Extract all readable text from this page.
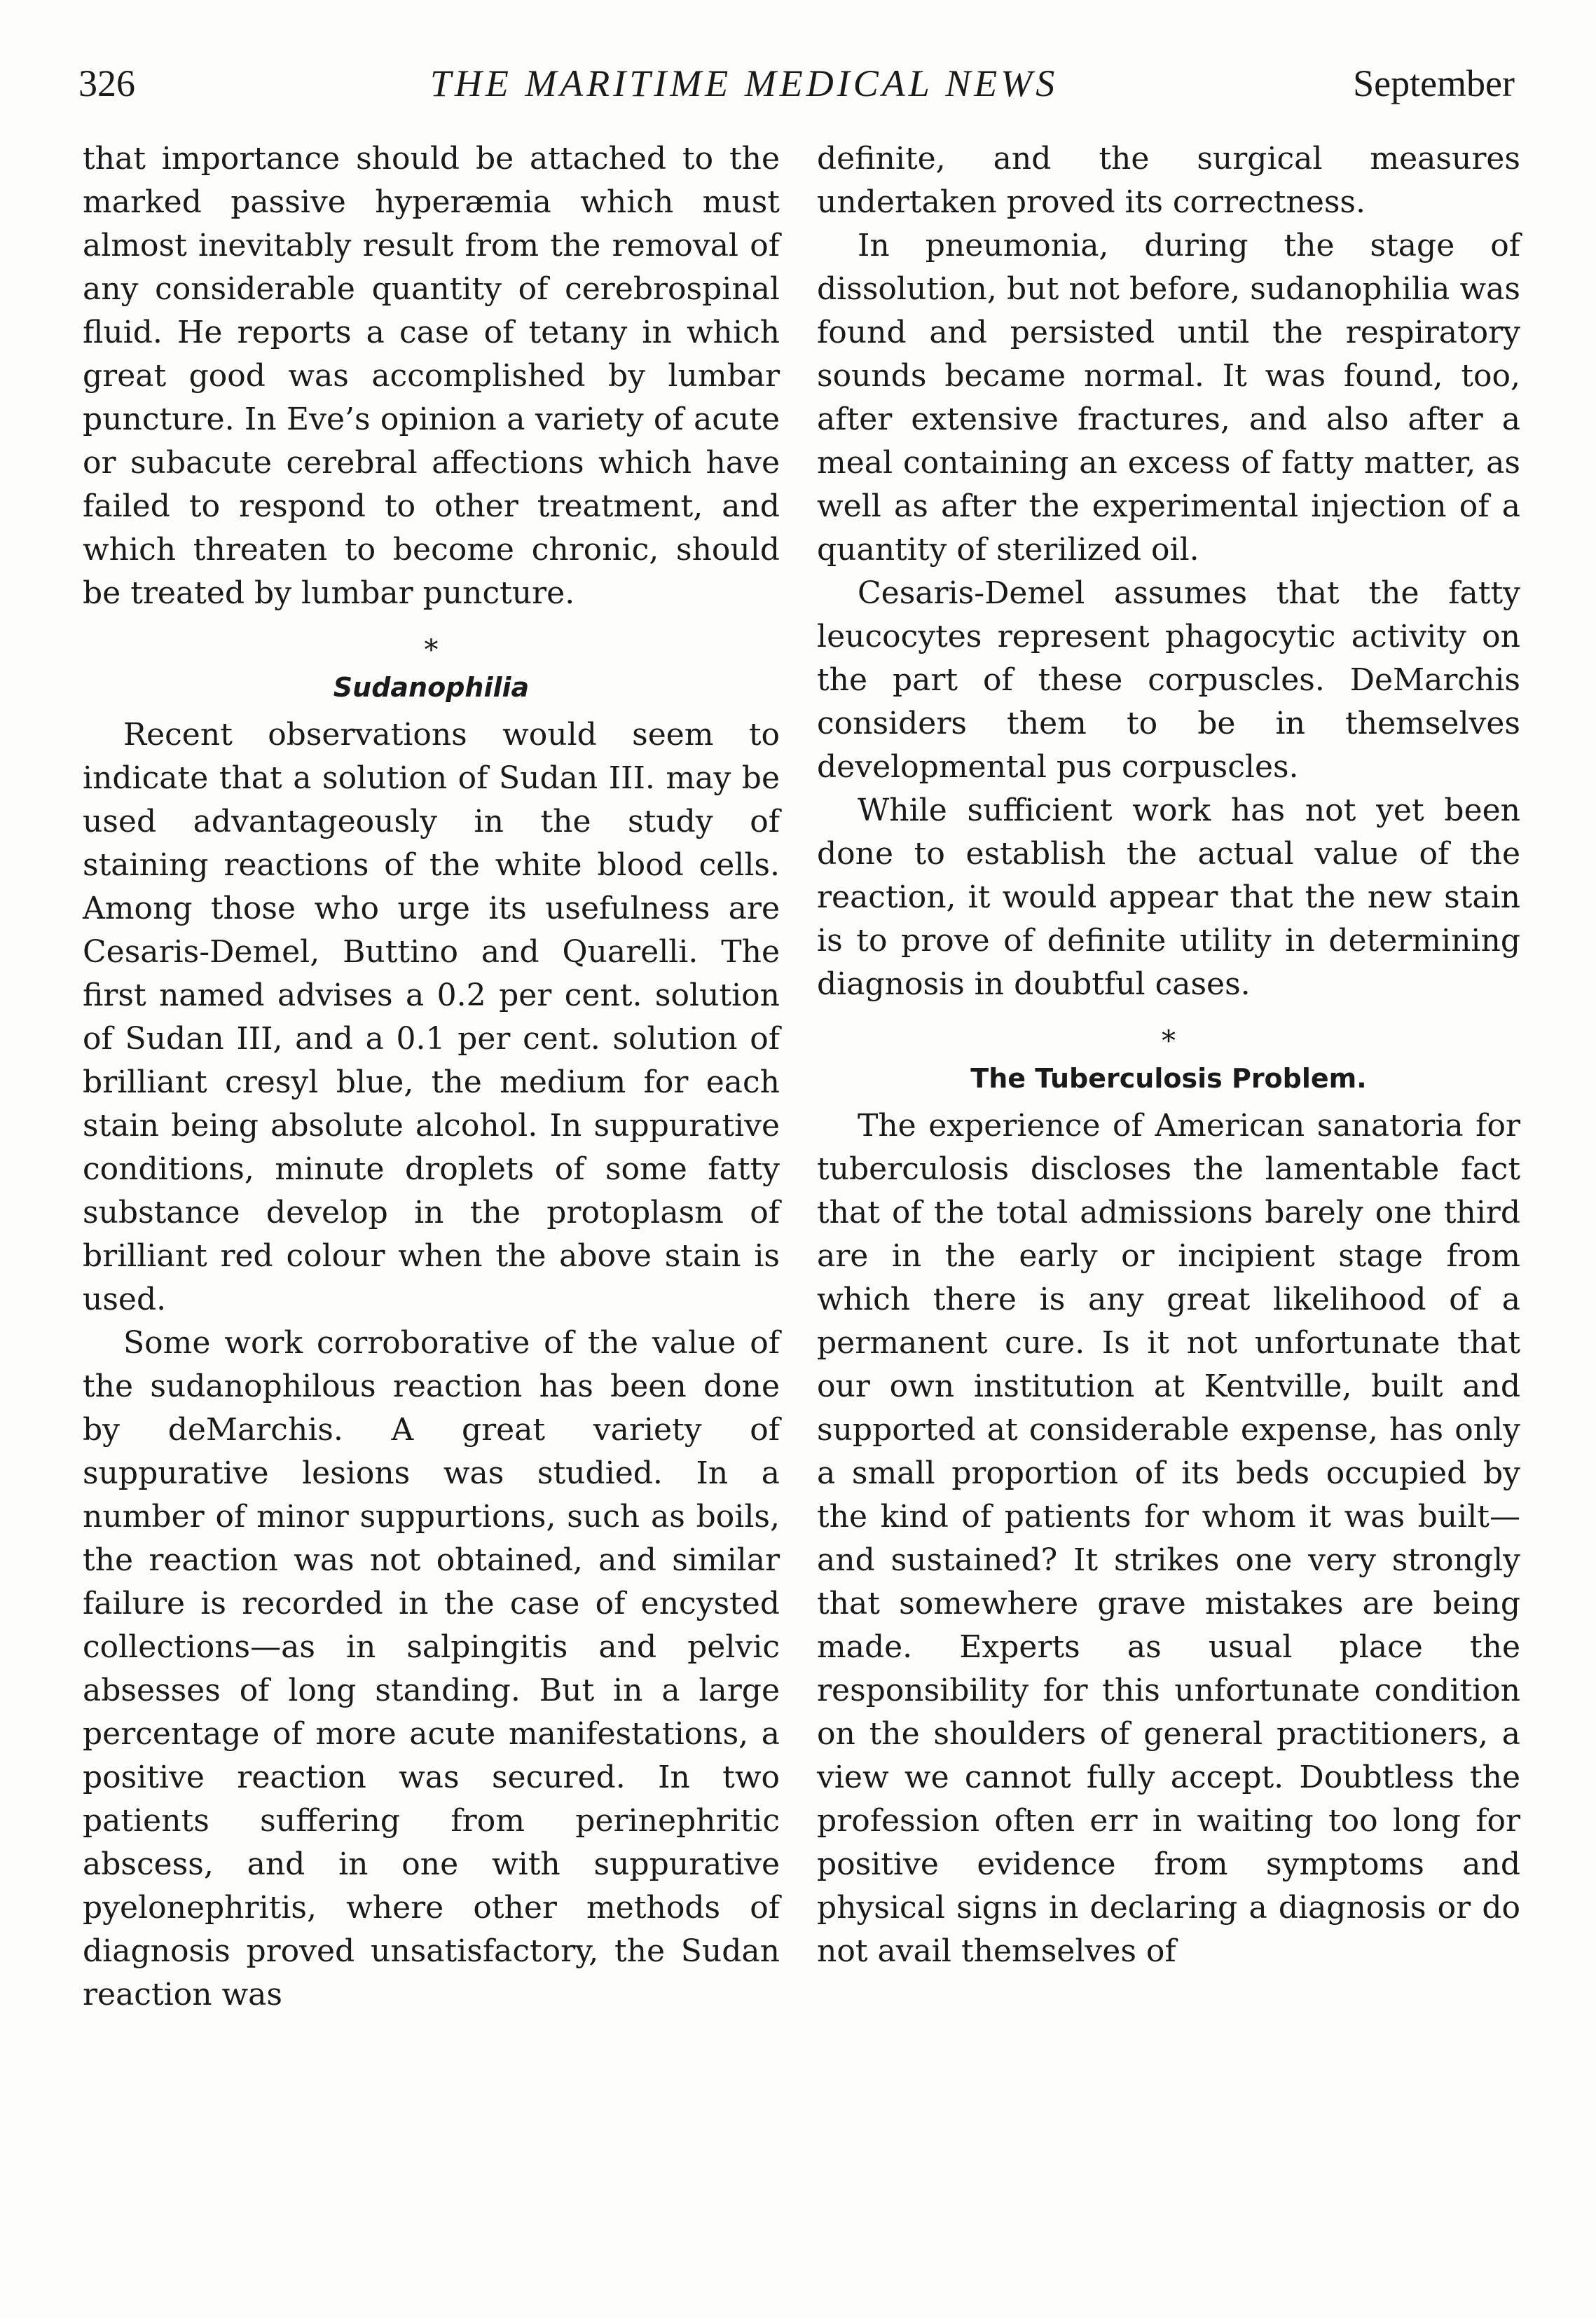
326	THE MARITIME MEDICAL NEWS	September

that importance should be attached to the marked passive hyperæmia which must almost inevitably result from the removal of any considerable quantity of cerebrospinal fluid. He reports a case of tetany in which great good was accomplished by lumbar puncture. In Eve’s opinion a variety of acute or subacute cerebral affections which have failed to respond to other treatment, and which threaten to become chronic, should be treated by lumbar puncture.

*
Sudanophilia

Recent observations would seem to indicate that a solution of Sudan III. may be used advantageously in the study of staining reactions of the white blood cells. Among those who urge its usefulness are Cesaris-Demel, Buttino and Quarelli. The first named advises a 0.2 per cent. solution of Sudan III, and a 0.1 per cent. solution of brilliant cresyl blue, the medium for each stain being absolute alcohol. In suppurative conditions, minute droplets of some fatty substance develop in the protoplasm of brilliant red colour when the above stain is used.

Some work corroborative of the value of the sudanophilous reaction has been done by deMarchis. A great variety of suppurative lesions was studied. In a number of minor suppurtions, such as boils, the reaction was not obtained, and similar failure is recorded in the case of encysted collections—as in salpingitis and pelvic absesses of long standing. But in a large percentage of more acute manifestations, a positive reaction was secured. In two patients suffering from perinephritic abscess, and in one with suppurative pyelonephritis, where other methods of diagnosis proved unsatisfactory, the Sudan reaction was

definite, and the surgical measures undertaken proved its correctness.

In pneumonia, during the stage of dissolution, but not before, sudanophilia was found and persisted until the respiratory sounds became normal. It was found, too, after extensive fractures, and also after a meal containing an excess of fatty matter, as well as after the experimental injection of a quantity of sterilized oil.

Cesaris-Demel assumes that the fatty leucocytes represent phagocytic activity on the part of these corpuscles. DeMarchis considers them to be in themselves developmental pus corpuscles.

While sufficient work has not yet been done to establish the actual value of the reaction, it would appear that the new stain is to prove of definite utility in determining diagnosis in doubtful cases.

*
The Tuberculosis Problem.

The experience of American sanatoria for tuberculosis discloses the lamentable fact that of the total admissions barely one third are in the early or incipient stage from which there is any great likelihood of a permanent cure. Is it not unfortunate that our own institution at Kentville, built and supported at considerable expense, has only a small proportion of its beds occupied by the kind of patients for whom it was built—and sustained? It strikes one very strongly that somewhere grave mistakes are being made. Experts as usual place the responsibility for this unfortunate condition on the shoulders of general practitioners, a view we cannot fully accept. Doubtless the profession often err in waiting too long for positive evidence from symptoms and physical signs in declaring a diagnosis or do not avail themselves of
